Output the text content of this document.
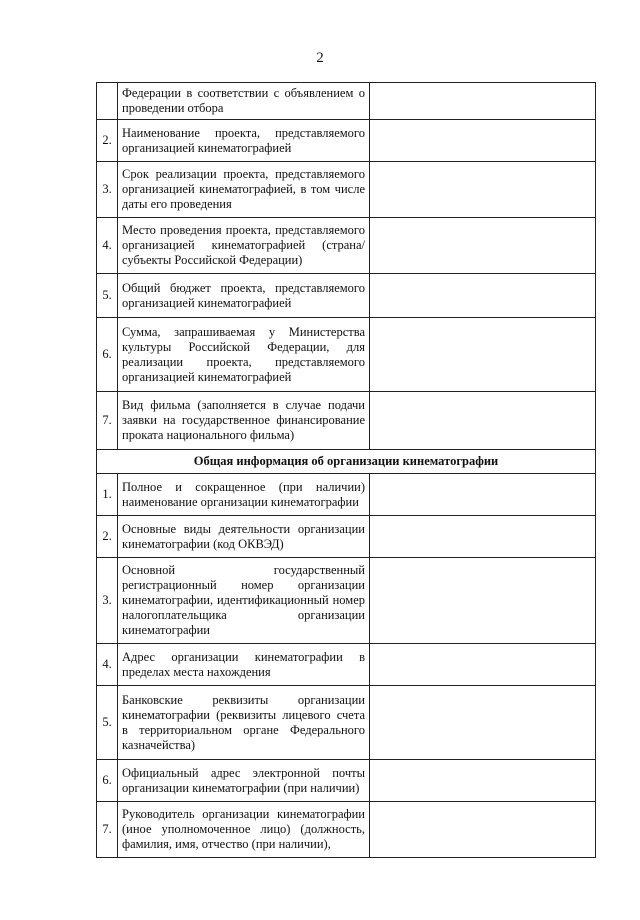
2

	Федерации в соответствии с объявлением о проведении отбора	

2.	Наименование проекта, представляемого организацией кинематографией	

3.	Срок реализации проекта, представляемого организацией кинематографией, в том числе даты его проведения	

4.	Место проведения проекта, представляемого организацией кинематографией (страна/ субъекты Российской Федерации)	

5.	Общий бюджет проекта, представляемого организацией кинематографией	

6.	Сумма, запрашиваемая у Министерства культуры Российской Федерации, для реализации проекта, представляемого организацией кинематографией	

7.	Вид фильма (заполняется в случае подачи заявки на государственное финансирование проката национального фильма)	

Общая информация об организации кинематографии		
1.	Полное и сокращенное (при наличии) наименование организации кинематографии	

2.	Основные виды деятельности организации кинематографии (код ОКВЭД)	

3.	Основной государственный регистрационный номер организации кинематографии, идентификационный номер налогоплательщика организации кинематографии	

4.	Адрес организации кинематографии в пределах места нахождения	

5.	Банковские реквизиты организации кинематографии (реквизиты лицевого счета в территориальном органе Федерального казначейства)	

6.	Официальный адрес электронной почты организации кинематографии (при наличии)	

7.	Руководитель организации кинематографии (иное уполномоченное лицо) (должность, фамилия, имя, отчество (при наличии),	
